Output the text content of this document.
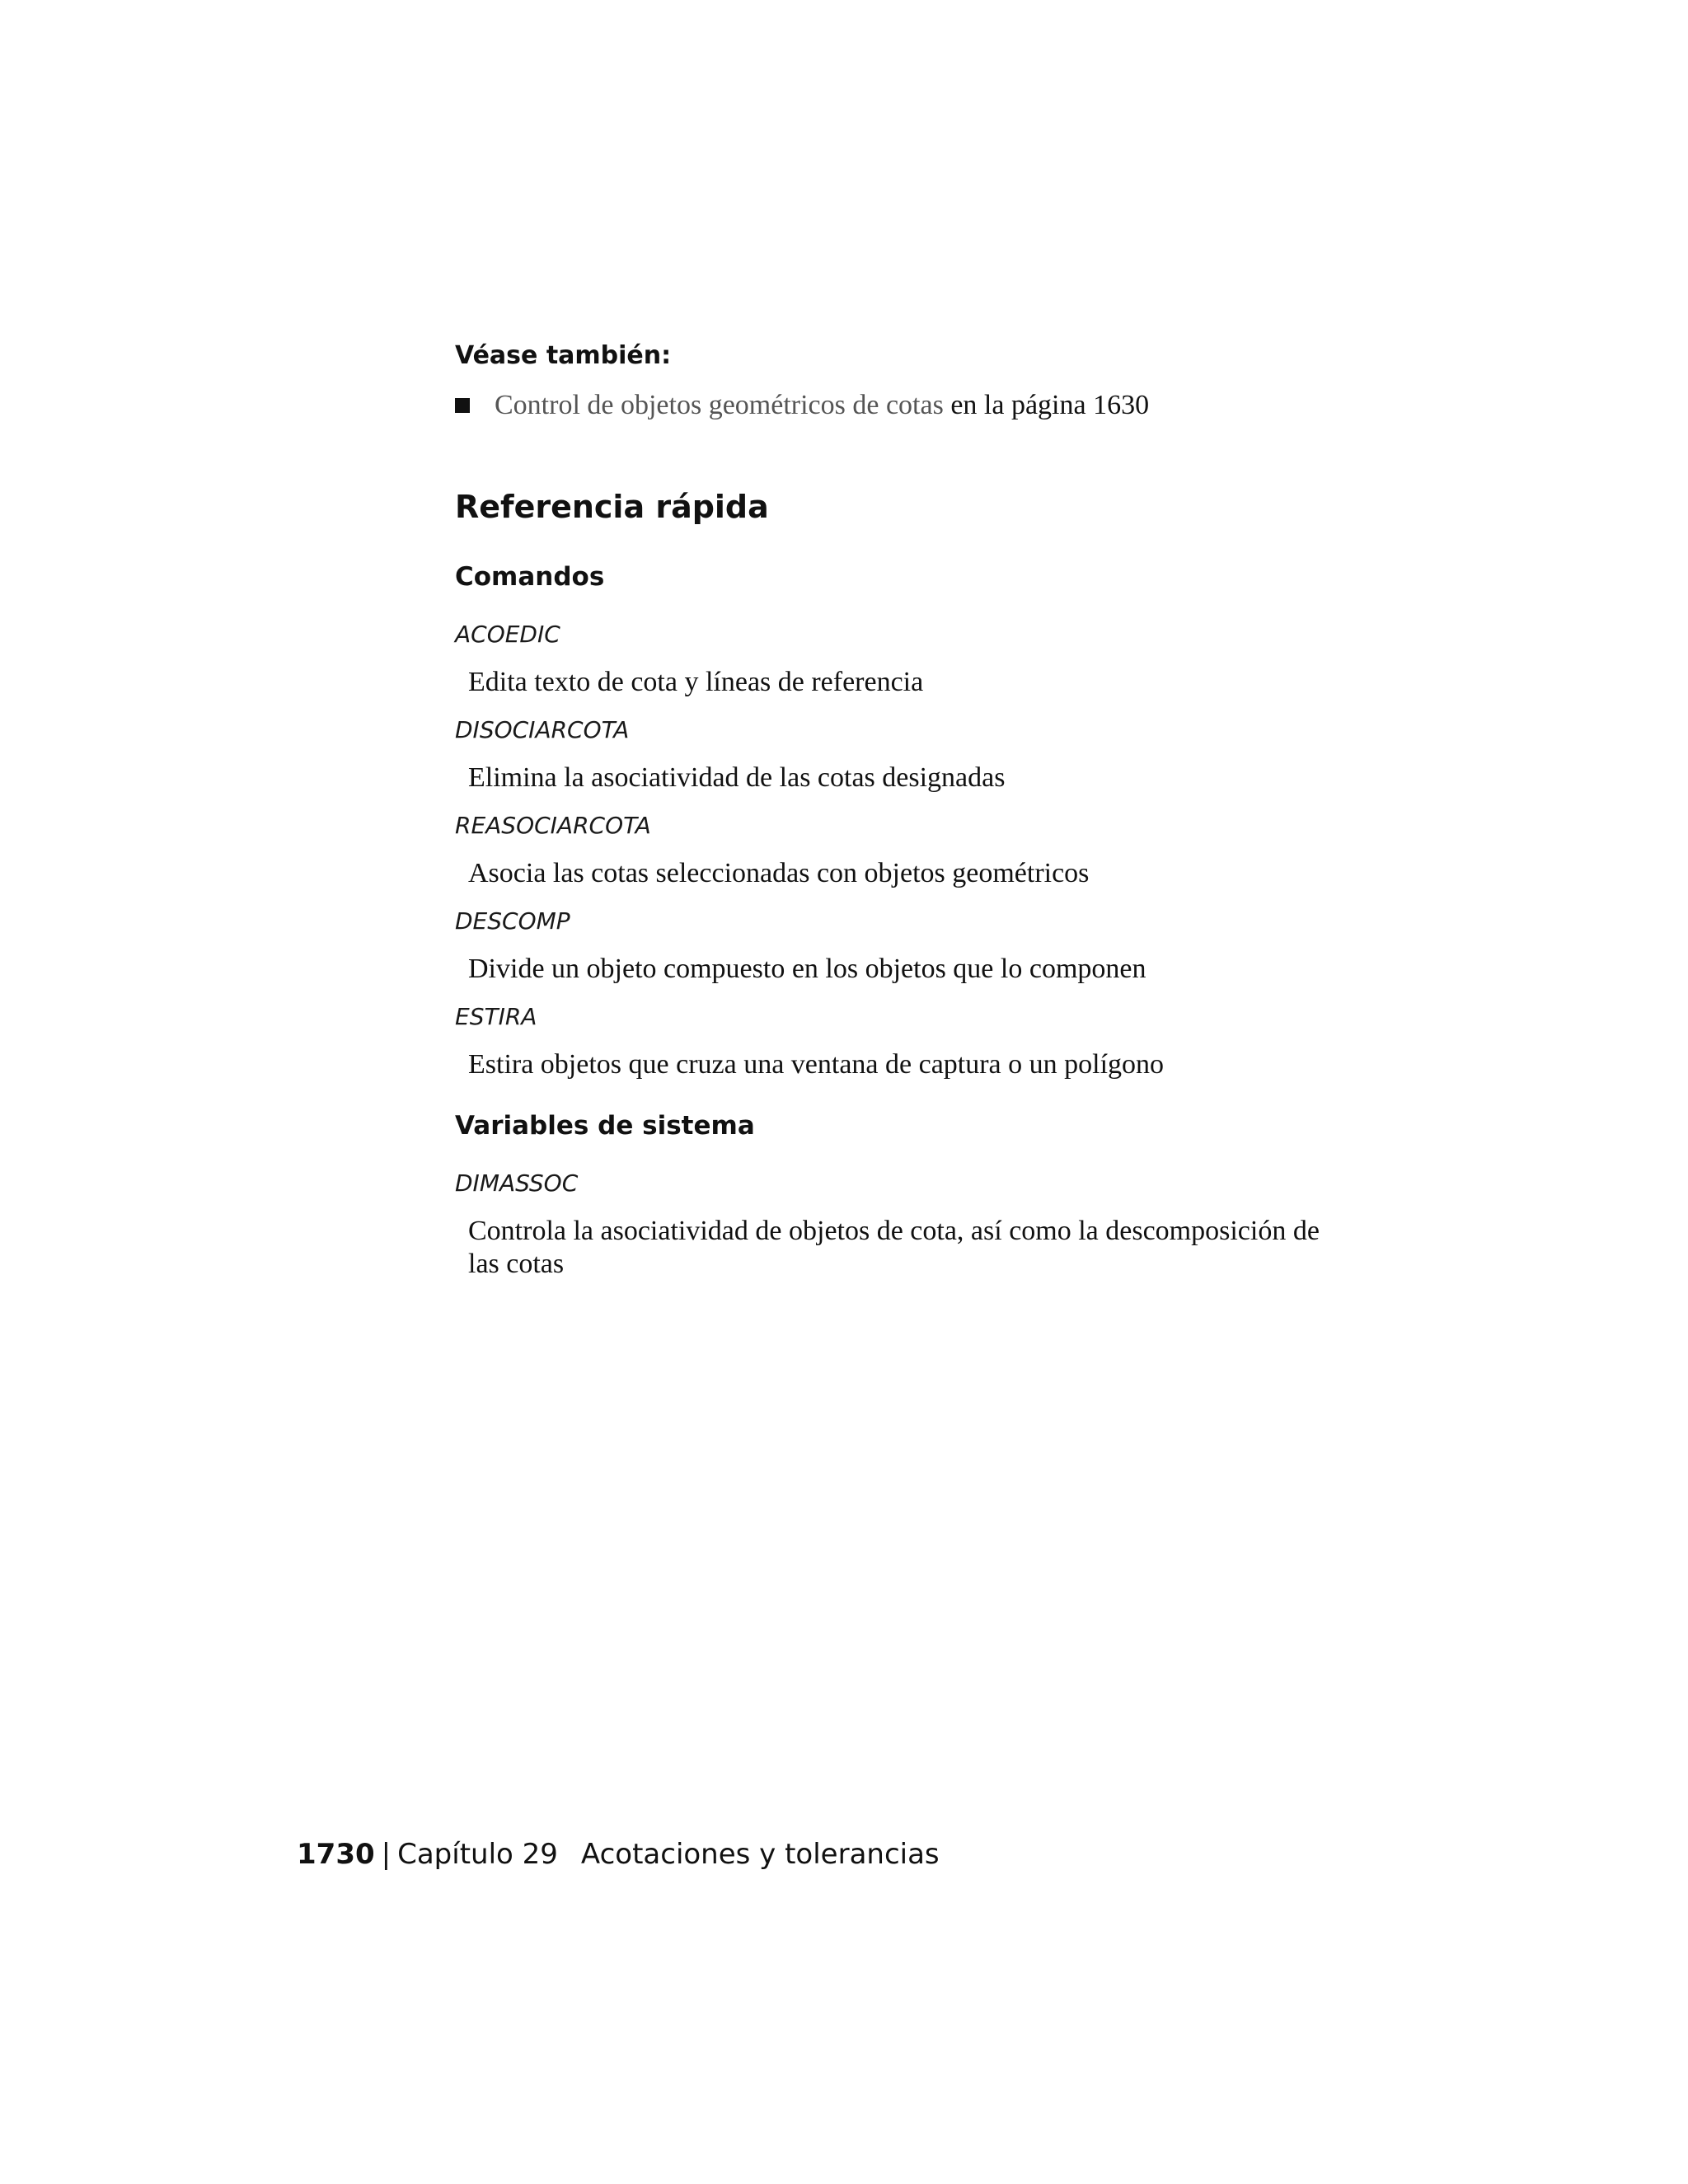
Véase también:
Control de objetos geométricos de cotas en la página 1630
Referencia rápida
Comandos
ACOEDIC
Edita texto de cota y líneas de referencia
DISOCIARCOTA
Elimina la asociatividad de las cotas designadas
REASOCIARCOTA
Asocia las cotas seleccionadas con objetos geométricos
DESCOMP
Divide un objeto compuesto en los objetos que lo componen
ESTIRA
Estira objetos que cruza una ventana de captura o un polígono
Variables de sistema
DIMASSOC
Controla la asociatividad de objetos de cota, así como la descomposición de
las cotas
1730 | Capítulo 29 Acotaciones y tolerancias
